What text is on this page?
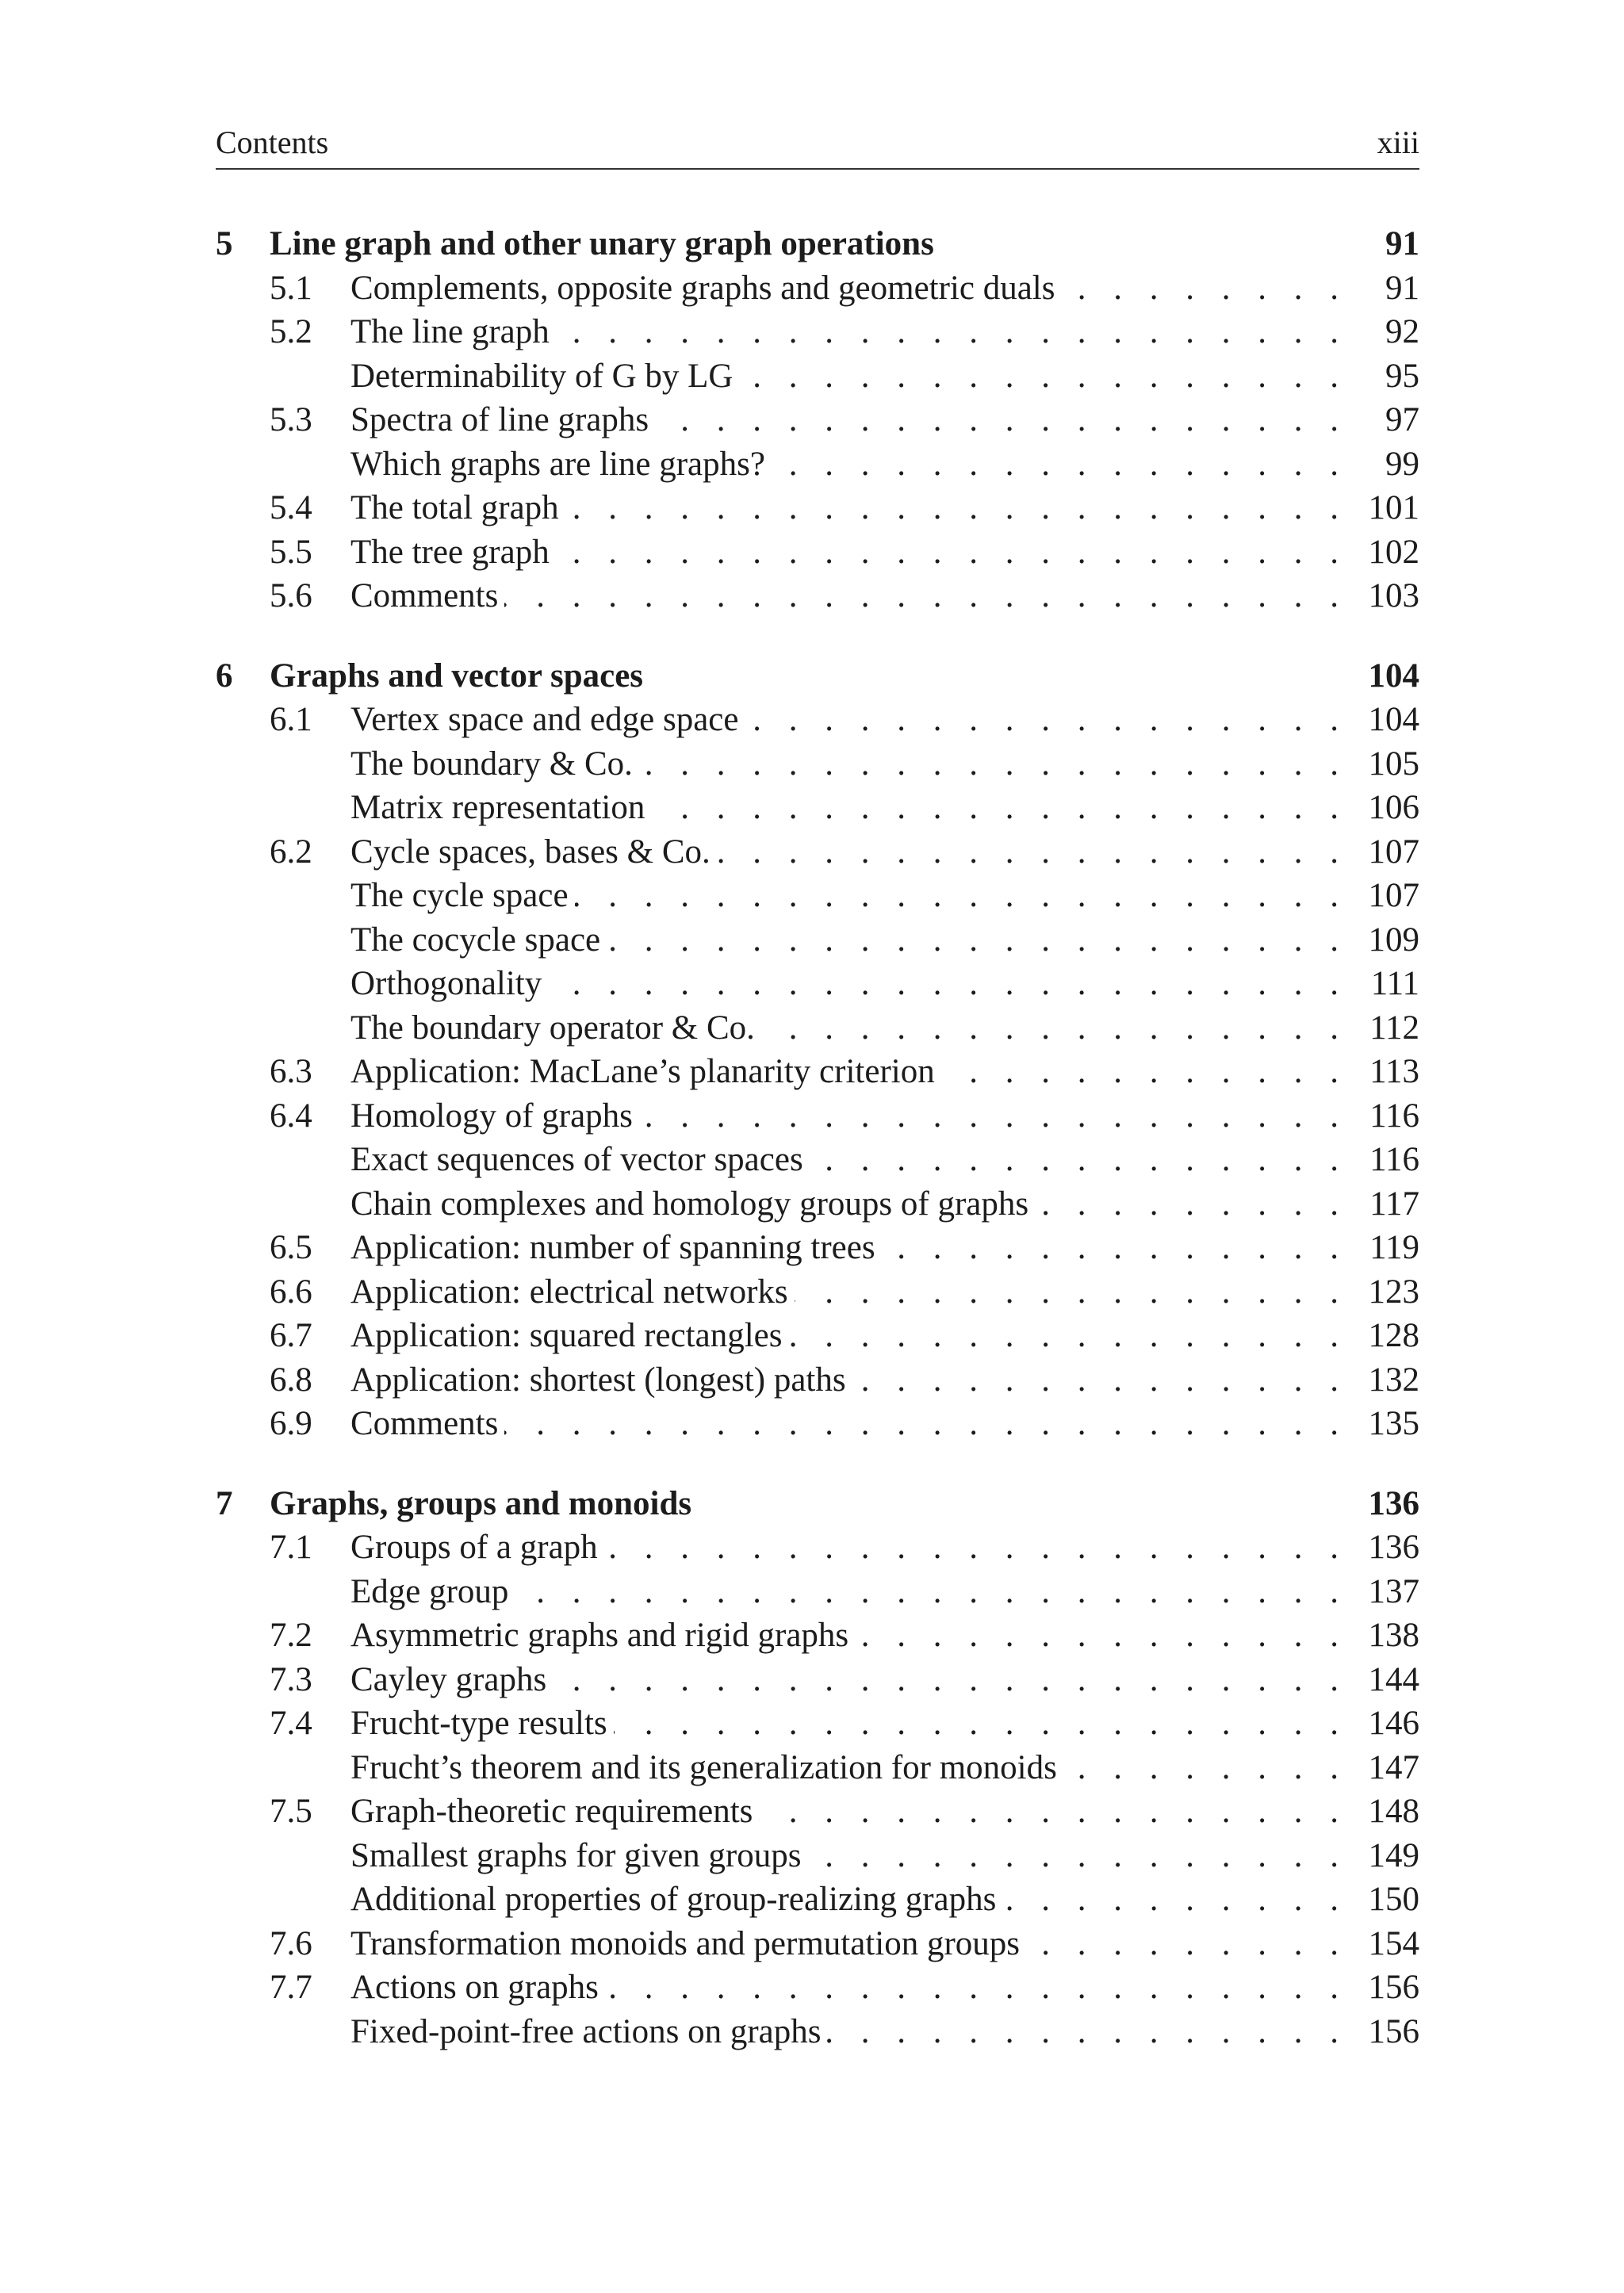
Contents	xiii
5 Line graph and other unary graph operations	91
5.1 Complements, opposite graphs and geometric duals . . .	91
5.2 The line graph . . .	92
Determinability of G by LG . . .	95
5.3 Spectra of line graphs . . .	97
Which graphs are line graphs? . . .	99
5.4 The total graph . . .	101
5.5 The tree graph . . .	102
5.6 Comments . . .	103
6 Graphs and vector spaces	104
6.1 Vertex space and edge space . . .	104
The boundary & Co. . . .	105
Matrix representation . . .	106
6.2 Cycle spaces, bases & Co. . . .	107
The cycle space . . .	107
The cocycle space . . .	109
Orthogonality . . .	111
The boundary operator & Co. . . .	112
6.3 Application: MacLane’s planarity criterion . . .	113
6.4 Homology of graphs . . .	116
Exact sequences of vector spaces . . .	116
Chain complexes and homology groups of graphs . . .	117
6.5 Application: number of spanning trees . . .	119
6.6 Application: electrical networks . . .	123
6.7 Application: squared rectangles . . .	128
6.8 Application: shortest (longest) paths . . .	132
6.9 Comments . . .	135
7 Graphs, groups and monoids	136
7.1 Groups of a graph . . .	136
Edge group . . .	137
7.2 Asymmetric graphs and rigid graphs . . .	138
7.3 Cayley graphs . . .	144
7.4 Frucht-type results . . .	146
Frucht’s theorem and its generalization for monoids . . .	147
7.5 Graph-theoretic requirements . . .	148
Smallest graphs for given groups . . .	149
Additional properties of group-realizing graphs . . .	150
7.6 Transformation monoids and permutation groups . . .	154
7.7 Actions on graphs . . .	156
Fixed-point-free actions on graphs . . .	156
